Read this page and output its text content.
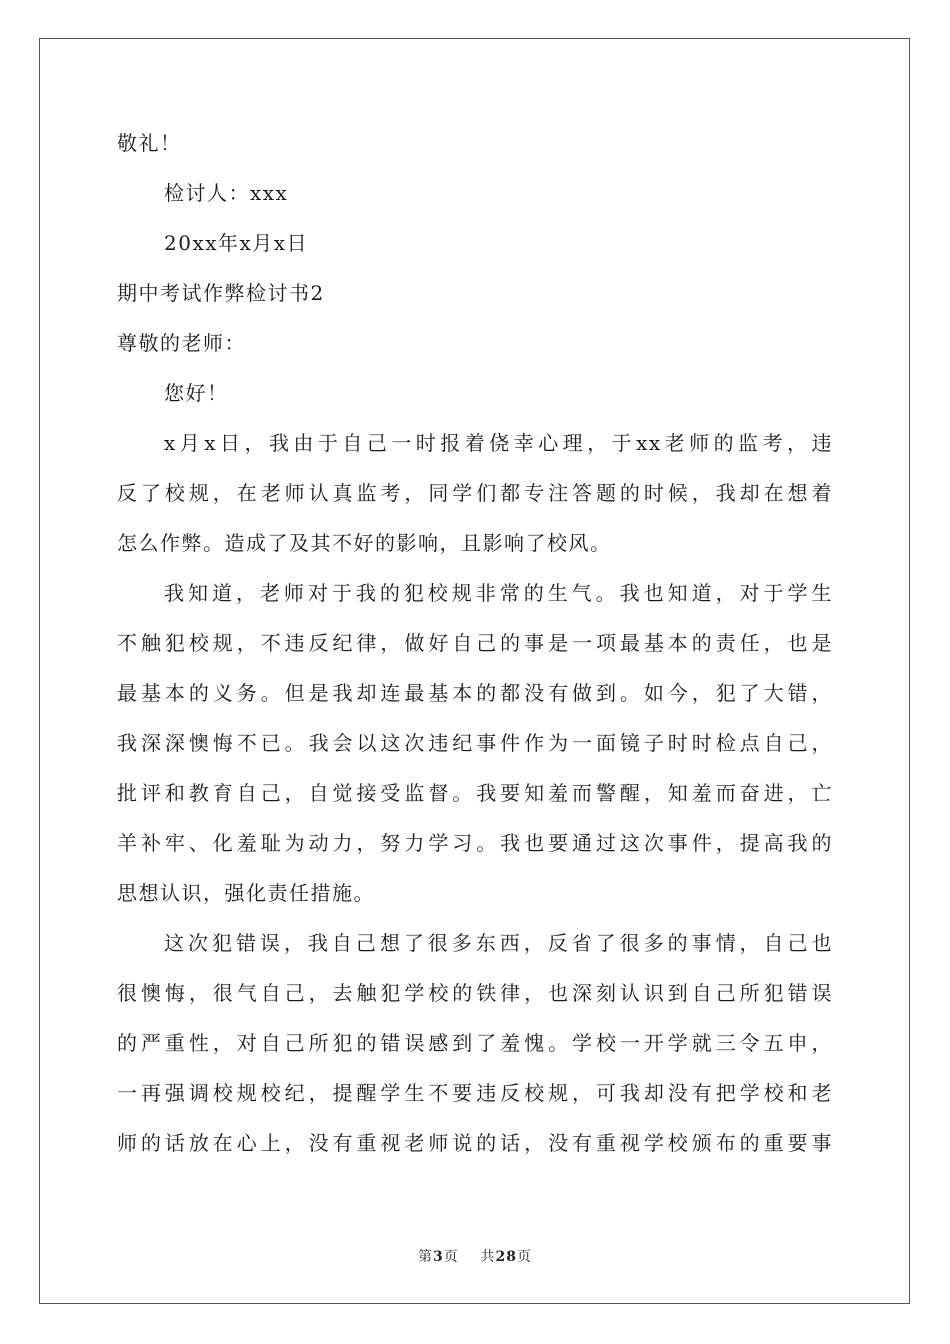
敬礼！

检讨人：xxx

20xx年x月x日

期中考试作弊检讨书2

尊敬的老师：

您好！

x月x日，我由于自己一时报着侥幸心理，于xx老师的监考，违
反了校规，在老师认真监考，同学们都专注答题的时候，我却在想着
怎么作弊。造成了及其不好的影响，且影响了校风。
我知道，老师对于我的犯校规非常的生气。我也知道，对于学生
不触犯校规，不违反纪律，做好自己的事是一项最基本的责任，也是
最基本的义务。但是我却连最基本的都没有做到。如今，犯了大错，
我深深懊悔不已。我会以这次违纪事件作为一面镜子时时检点自己，
批评和教育自己，自觉接受监督。我要知羞而警醒，知羞而奋进，亡
羊补牢、化羞耻为动力，努力学习。我也要通过这次事件，提高我的
思想认识，强化责任措施。
这次犯错误，我自己想了很多东西，反省了很多的事情，自己也
很懊悔，很气自己，去触犯学校的铁律，也深刻认识到自己所犯错误
的严重性，对自己所犯的错误感到了羞愧。学校一开学就三令五申，
一再强调校规校纪，提醒学生不要违反校规，可我却没有把学校和老
师的话放在心上，没有重视老师说的话，没有重视学校颁布的重要事
第3页 共28页
